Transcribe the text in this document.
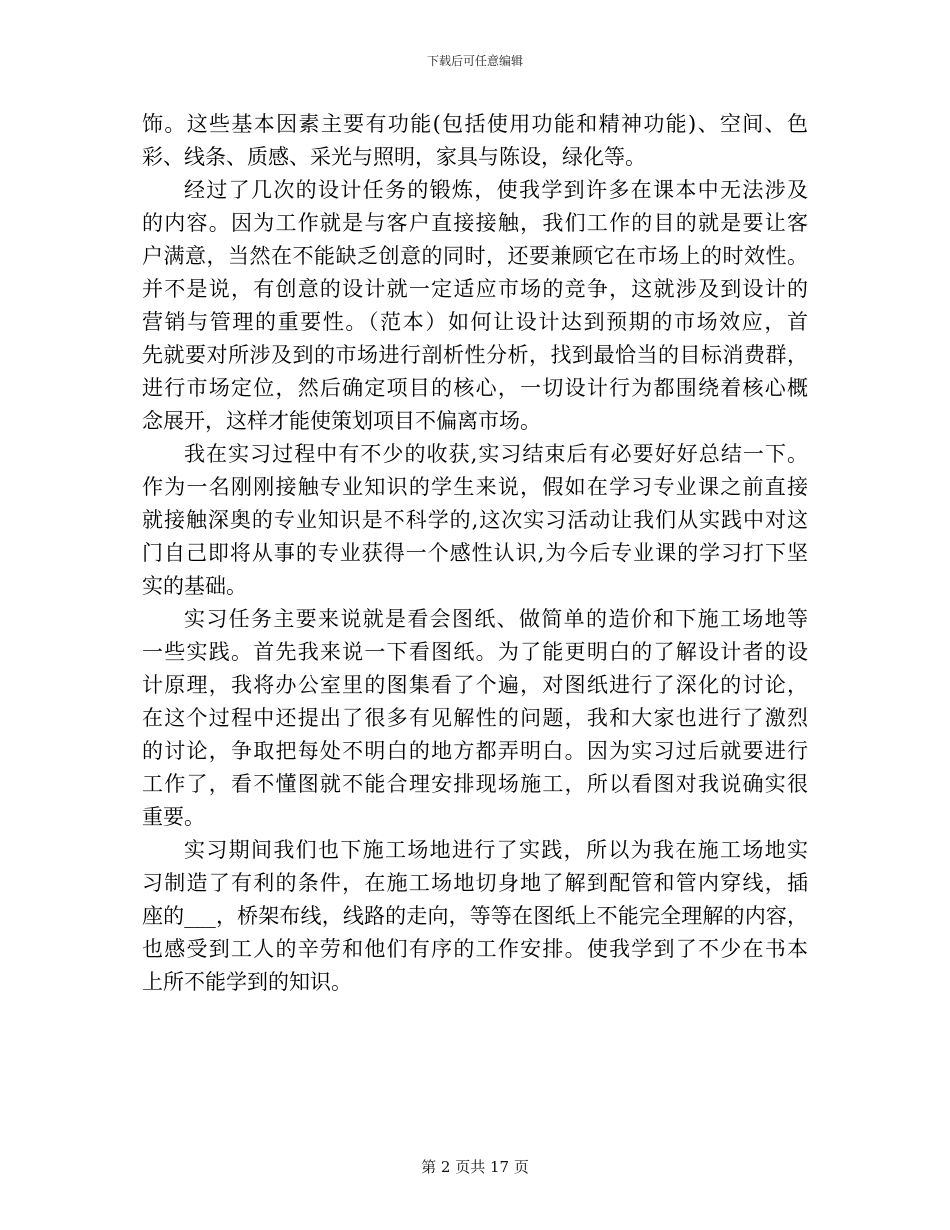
下载后可任意编辑
饰。这些基本因素主要有功能(包括使用功能和精神功能)、空间、色
彩、线条、质感、采光与照明，家具与陈设，绿化等。
经过了几次的设计任务的锻炼，使我学到许多在课本中无法涉及
的内容。因为工作就是与客户直接接触，我们工作的目的就是要让客
户满意，当然在不能缺乏创意的同时，还要兼顾它在市场上的时效性。
并不是说，有创意的设计就一定适应市场的竞争，这就涉及到设计的
营销与管理的重要性。（范本）如何让设计达到预期的市场效应，首
先就要对所涉及到的市场进行剖析性分析，找到最恰当的目标消费群，
进行市场定位，然后确定项目的核心，一切设计行为都围绕着核心概
念展开，这样才能使策划项目不偏离市场。
我在实习过程中有不少的收获,实习结束后有必要好好总结一下。
作为一名刚刚接触专业知识的学生来说，假如在学习专业课之前直接
就接触深奥的专业知识是不科学的,这次实习活动让我们从实践中对这
门自己即将从事的专业获得一个感性认识,为今后专业课的学习打下坚
实的基础。
实习任务主要来说就是看会图纸、做简单的造价和下施工场地等
一些实践。首先我来说一下看图纸。为了能更明白的了解设计者的设
计原理，我将办公室里的图集看了个遍，对图纸进行了深化的讨论，
在这个过程中还提出了很多有见解性的问题，我和大家也进行了激烈
的讨论，争取把每处不明白的地方都弄明白。因为实习过后就要进行
工作了，看不懂图就不能合理安排现场施工，所以看图对我说确实很
重要。
实习期间我们也下施工场地进行了实践，所以为我在施工场地实
习制造了有利的条件，在施工场地切身地了解到配管和管内穿线，插
座的___，桥架布线，线路的走向，等等在图纸上不能完全理解的内容，
也感受到工人的辛劳和他们有序的工作安排。使我学到了不少在书本
上所不能学到的知识。
第 2 页共 17 页
